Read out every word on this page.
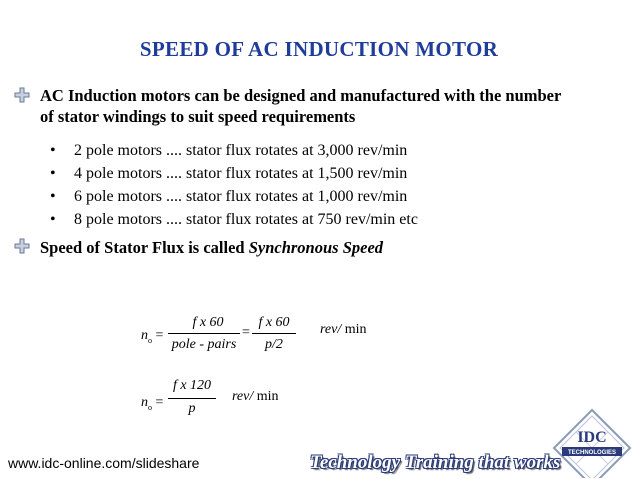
SPEED OF AC INDUCTION MOTOR
AC Induction motors can be designed and manufactured with the number
of stator windings to suit speed requirements
• 2 pole motors .... stator flux rotates at 3,000 rev/min
• 4 pole motors .... stator flux rotates at 1,500 rev/min
• 6 pole motors .... stator flux rotates at 1,000 rev/min
• 8 pole motors .... stator flux rotates at 750 rev/min etc
Speed of Stator Flux is called Synchronous Speed
$n_o$ =
f x 60
pole - pairs
=
f x 60
p/2
rev/ min
$n_o$ =
f x 120
p
rev/ min
www.idc-online.com/slideshare	Technology Training that works
IDC
TECHNOLOGIES
